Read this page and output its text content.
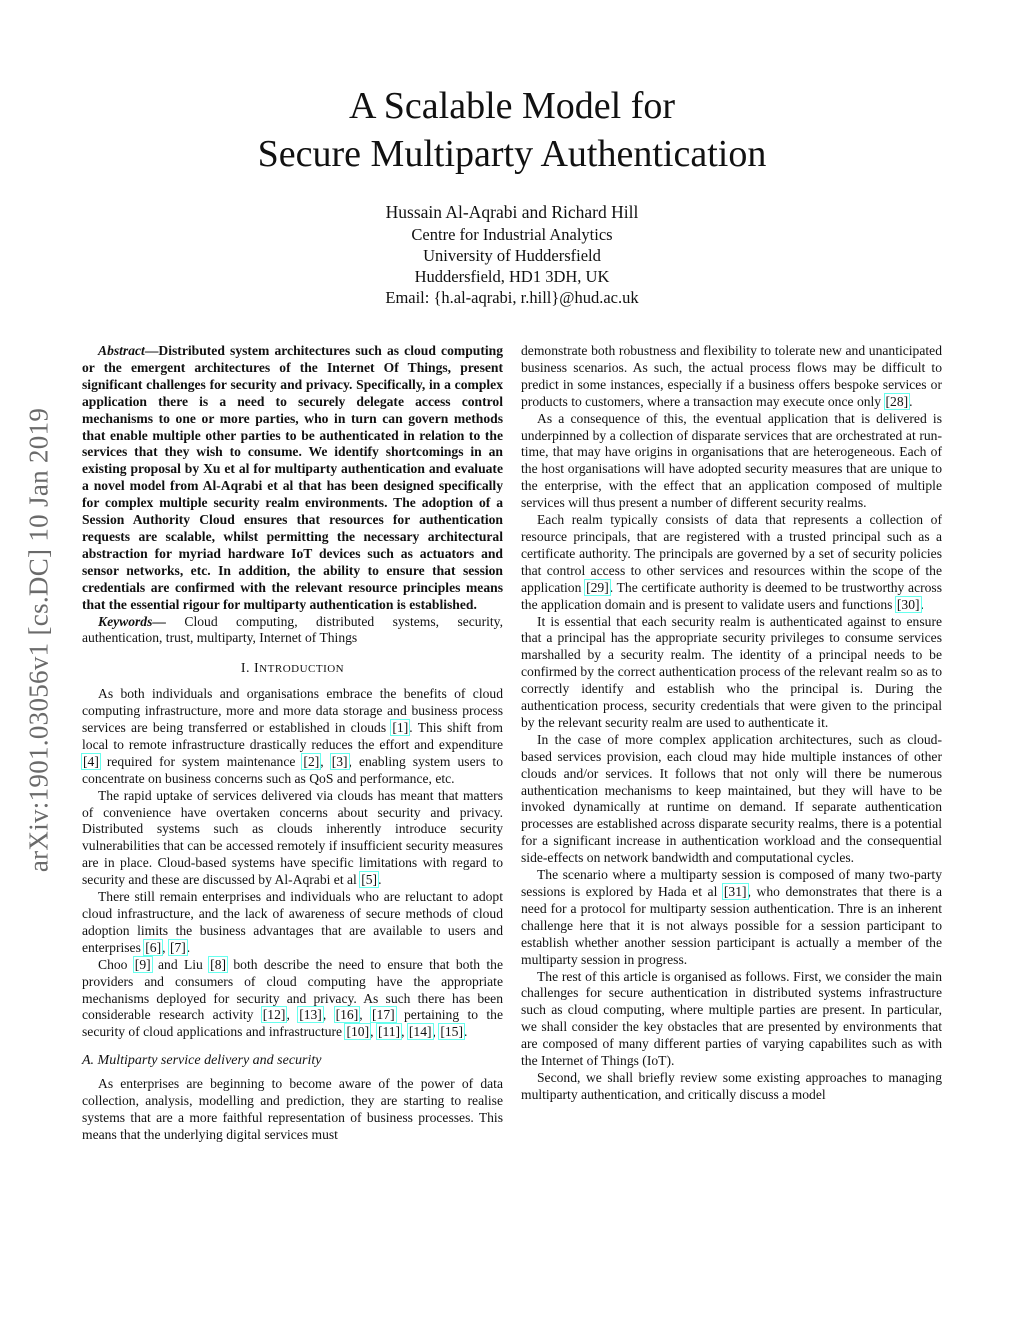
arXiv:1901.03056v1 [cs.DC] 10 Jan 2019
A Scalable Model for
Secure Multiparty Authentication
Hussain Al-Aqrabi and Richard Hill
Centre for Industrial Analytics
University of Huddersfield
Huddersfield, HD1 3DH, UK
Email: {h.al-aqrabi, r.hill}@hud.ac.uk

Abstract—Distributed system architectures such as cloud computing or the emergent architectures of the Internet Of Things, present significant challenges for security and privacy. Specifically, in a complex application there is a need to securely delegate access control mechanisms to one or more parties, who in turn can govern methods that enable multiple other parties to be authenticated in relation to the services that they wish to consume. We identify shortcomings in an existing proposal by Xu et al for multiparty authentication and evaluate a novel model from Al-Aqrabi et al that has been designed specifically for complex multiple security realm environments. The adoption of a Session Authority Cloud ensures that resources for authentication requests are scalable, whilst permitting the necessary architectural abstraction for myriad hardware IoT devices such as actuators and sensor networks, etc. In addition, the ability to ensure that session credentials are confirmed with the relevant resource principles means that the essential rigour for multiparty authentication is established.

Keywords— Cloud computing, distributed systems, security, authentication, trust, multiparty, Internet of Things

I. INTRODUCTION

As both individuals and organisations embrace the benefits of cloud computing infrastructure, more and more data storage and business process services are being transferred or established in clouds [1]. This shift from local to remote infrastructure drastically reduces the effort and expenditure [4] required for system maintenance [2], [3], enabling system users to concentrate on business concerns such as QoS and performance, etc.

The rapid uptake of services delivered via clouds has meant that matters of convenience have overtaken concerns about security and privacy. Distributed systems such as clouds inherently introduce security vulnerabilities that can be accessed remotely if insufficient security measures are in place. Cloud-based systems have specific limitations with regard to security and these are discussed by Al-Aqrabi et al [5].

There still remain enterprises and individuals who are reluctant to adopt cloud infrastructure, and the lack of awareness of secure methods of cloud adoption limits the business advantages that are available to users and enterprises [6], [7].

Choo [9] and Liu [8] both describe the need to ensure that both the providers and consumers of cloud computing have the appropriate mechanisms deployed for security and privacy. As such there has been considerable research activity [12], [13], [16], [17] pertaining to the security of cloud applications and infrastructure [10], [11], [14], [15].

A. Multiparty service delivery and security

As enterprises are beginning to become aware of the power of data collection, analysis, modelling and prediction, they are starting to realise systems that are a more faithful representation of business processes. This means that the underlying digital services must

demonstrate both robustness and flexibility to tolerate new and unanticipated business scenarios. As such, the actual process flows may be difficult to predict in some instances, especially if a business offers bespoke services or products to customers, where a transaction may execute once only [28].

As a consequence of this, the eventual application that is delivered is underpinned by a collection of disparate services that are orchestrated at run-time, that may have origins in organisations that are heterogeneous. Each of the host organisations will have adopted security measures that are unique to the enterprise, with the effect that an application composed of multiple services will thus present a number of different security realms.

Each realm typically consists of data that represents a collection of resource principals, that are registered with a trusted principal such as a certificate authority. The principals are governed by a set of security policies that control access to other services and resources within the scope of the application [29]. The certificate authority is deemed to be trustworthy across the application domain and is present to validate users and functions [30].

It is essential that each security realm is authenticated against to ensure that a principal has the appropriate security privileges to consume services marshalled by a security realm. The identity of a principal needs to be confirmed by the correct authentication process of the relevant realm so as to correctly identify and establish who the principal is. During the authentication process, security credentials that were given to the principal by the relevant security realm are used to authenticate it.

In the case of more complex application architectures, such as cloud-based services provision, each cloud may hide multiple instances of other clouds and/or services. It follows that not only will there be numerous authentication mechanisms to keep maintained, but they will have to be invoked dynamically at runtime on demand. If separate authentication processes are established across disparate security realms, there is a potential for a significant increase in authentication workload and the consequential side-effects on network bandwidth and computational cycles.

The scenario where a multiparty session is composed of many two-party sessions is explored by Hada et al [31], who demonstrates that there is a need for a protocol for multiparty session authentication. Thre is an inherent challenge here that it is not always possible for a session participant to establish whether another session participant is actually a member of the multiparty session in progress.

The rest of this article is organised as follows. First, we consider the main challenges for secure authentication in distributed systems infrastructure such as cloud computing, where multiple parties are present. In particular, we shall consider the key obstacles that are presented by environments that are composed of many different parties of varying capabilites such as with the Internet of Things (IoT).

Second, we shall briefly review some existing approaches to managing multiparty authentication, and critically discuss a model
